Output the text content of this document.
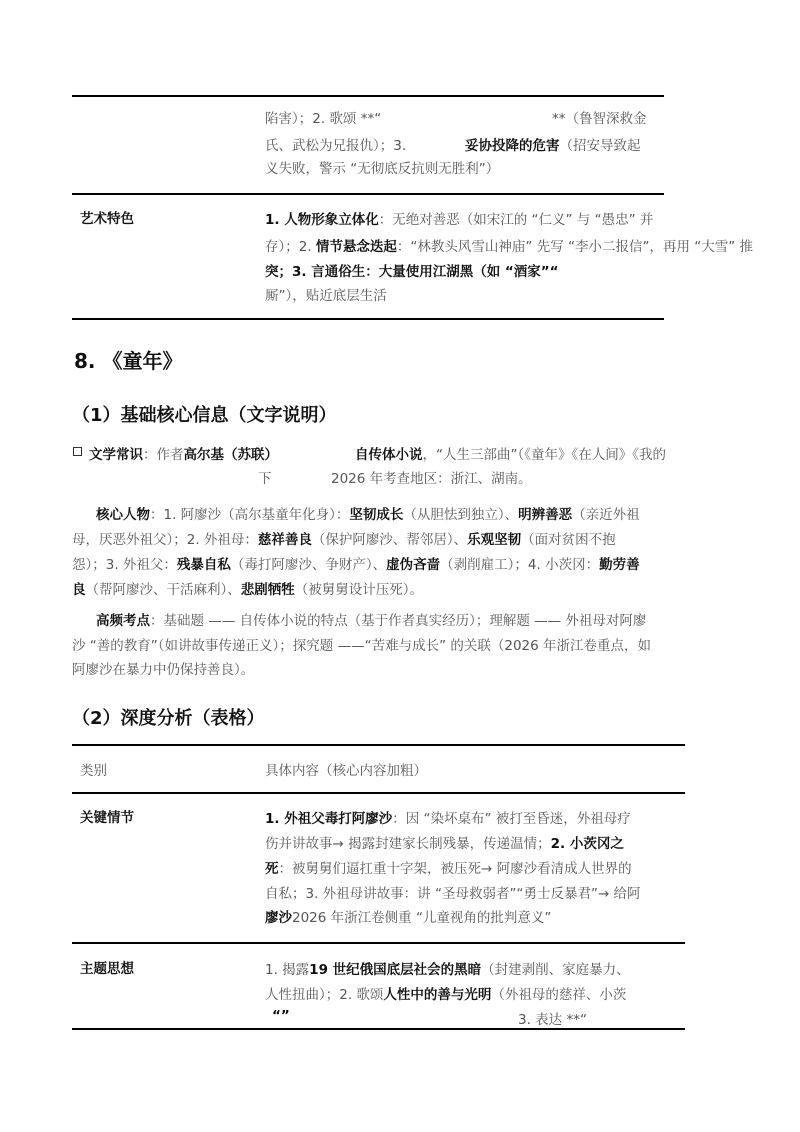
陷害）；2. 歌颂 **“	**（鲁智深救金
氏、武松为兄报仇）；3.	妥协投降的危害（招安导致起
义失败，警示 “无彻底反抗则无胜利”）
艺术特色	1. 人物形象立体化：无绝对善恶（如宋江的 “仁义” 与 “愚忠” 并
存）；2. 情节悬念迭起：“林教头风雪山神庙” 先写 “李小二报信”，再用 “大雪” 推
突；3. 言通俗生：大量使用江湖黑（如 “酒家”“
厮”），贴近底层生活
8. 《童年》
（1）基础核心信息（文字说明）
文学常识：作者高尔基（苏联）	自传体小说，“人生三部曲”（《童年》《在人间》《我的
下	2026 年考查地区：浙江、湖南。
核心人物：1. 阿廖沙（高尔基童年化身）：坚韧成长（从胆怯到独立）、明辨善恶（亲近外祖
母，厌恶外祖父）；2. 外祖母：慈祥善良（保护阿廖沙、帮邻居）、乐观坚韧（面对贫困不抱
怨）；3. 外祖父：残暴自私（毒打阿廖沙、争财产）、虚伪吝啬（剥削雇工）；4. 小茨冈：勤劳善
良（帮阿廖沙、干活麻利）、悲剧牺牲（被舅舅设计压死）。
高频考点：基础题 —— 自传体小说的特点（基于作者真实经历）；理解题 —— 外祖母对阿廖
沙 “善的教育”（如讲故事传递正义）；探究题 ——“苦难与成长” 的关联（2026 年浙江卷重点，如
阿廖沙在暴力中仍保持善良）。
（2）深度分析（表格）
类别	具体内容（核心内容加粗）
关键情节	1. 外祖父毒打阿廖沙：因 “染坏桌布” 被打至昏迷，外祖母疗
伤并讲故事→ 揭露封建家长制残暴，传递温情；2. 小茨冈之
死：被舅舅们逼扛重十字架，被压死→ 阿廖沙看清成人世界的
自私；3. 外祖母讲故事：讲 “圣母救弱者”“勇士反暴君”→ 给阿
廖沙2026 年浙江卷侧重 “儿童视角的批判意义”
主题思想	1. 揭露19 世纪俄国底层社会的黑暗（封建剥削、家庭暴力、
人性扭曲）；2. 歌颂人性中的善与光明（外祖母的慈祥、小茨
“”	3. 表达 **“
